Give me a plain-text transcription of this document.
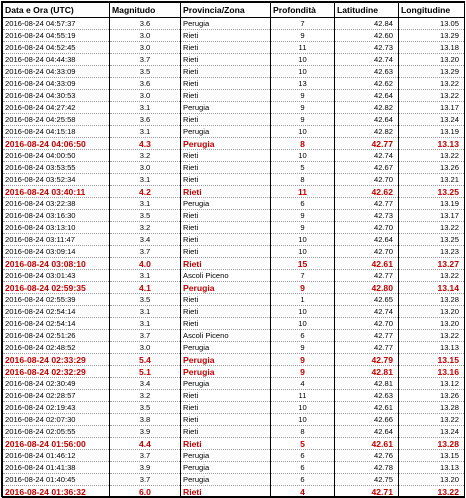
Data e Ora (UTC)	Magnitudo	Provincia/Zona	Profondità	Latitudine	Longitudine
2016-08-24 04:57:37	3.6	Perugia	7	42.84	13.05
2016-08-24 04:55:19	3.0	Rieti	9	42.60	13.29
2016-08-24 04:52:45	3.0	Rieti	11	42.73	13.18
2016-08-24 04:44:38	3.7	Rieti	10	42.74	13.20
2016-08-24 04:33:09	3.5	Rieti	10	42.63	13.29
2016-08-24 04:33:09	3.6	Rieti	13	42.62	13.22
2016-08-24 04:30:53	3.0	Rieti	9	42.64	13.22
2016-08-24 04:27:42	3.1	Perugia	9	42.82	13.17
2016-08-24 04:25:58	3.6	Rieti	9	42.64	13.24
2016-08-24 04:15:18	3.1	Perugia	10	42.82	13.19
2016-08-24 04:06:50	4.3	Perugia	8	42.77	13.13
2016-08-24 04:00:50	3.2	Rieti	10	42.74	13.22
2016-08-24 03:53:55	3.0	Rieti	5	42.67	13.26
2016-08-24 03:52:34	3.1	Rieti	8	42.70	13.21
2016-08-24 03:40:11	4.2	Rieti	11	42.62	13.25
2016-08-24 03:22:38	3.1	Perugia	6	42.77	13.19
2016-08-24 03:16:30	3.5	Rieti	9	42.73	13.17
2016-08-24 03:13:10	3.2	Rieti	9	42.70	13.22
2016-08-24 03:11:47	3.4	Rieti	10	42.64	13.25
2016-08-24 03:09:14	3.7	Rieti	10	42.70	13.23
2016-08-24 03:08:10	4.0	Rieti	15	42.61	13.27
2016-08-24 03:01:43	3.1	Ascoli Piceno	7	42.77	13.22
2016-08-24 02:59:35	4.1	Perugia	9	42.80	13.14
2016-08-24 02:55:39	3.5	Rieti	1	42.65	13.28
2016-08-24 02:54:14	3.1	Rieti	10	42.74	13.20
2016-08-24 02:54:14	3.1	Rieti	10	42.70	13.20
2016-08-24 02:51:26	3.7	Ascoli Piceno	6	42.77	13.22
2016-08-24 02:48:52	3.0	Perugia	9	42.77	13.13
2016-08-24 02:33:29	5.4	Perugia	9	42.79	13.15
2016-08-24 02:32:29	5.1	Perugia	9	42.81	13.16
2016-08-24 02:30:49	3.4	Perugia	4	42.81	13.12
2016-08-24 02:28:57	3.2	Rieti	11	42.63	13.26
2016-08-24 02:19:43	3.5	Rieti	10	42.61	13.28
2016-08-24 02:07:30	3.8	Rieti	10	42.66	13.22
2016-08-24 02:05:55	3.9	Rieti	8	42.64	13.24
2016-08-24 01:56:00	4.4	Rieti	5	42.61	13.28
2016-08-24 01:46:12	3.7	Perugia	6	42.76	13.15
2016-08-24 01:41:38	3.9	Perugia	6	42.78	13.13
2016-08-24 01:40:45	3.7	Perugia	6	42.75	13.20
2016-08-24 01:36:32	6.0	Rieti	4	42.71	13.22
